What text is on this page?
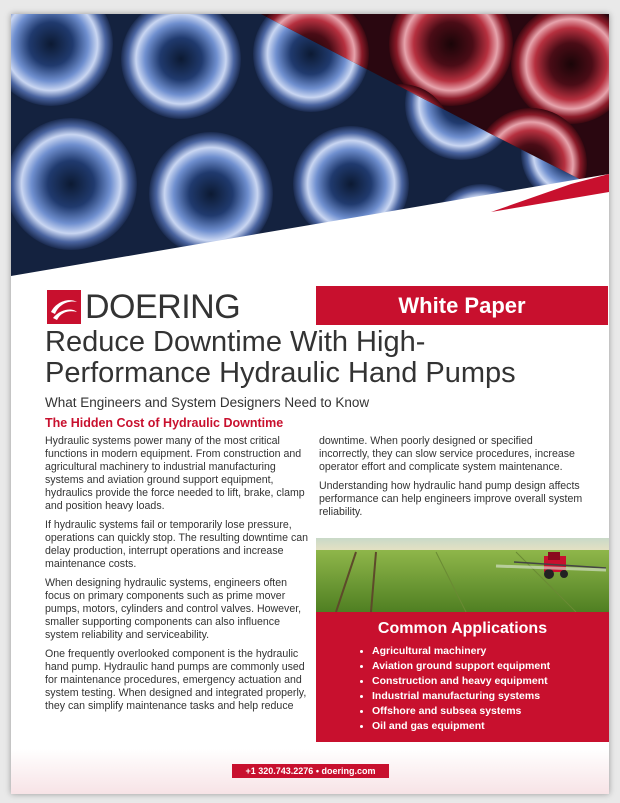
DOERING	White Paper
Reduce Downtime With High-
Performance Hydraulic Hand Pumps

What Engineers and System Designers Need to Know

The Hidden Cost of Hydraulic Downtime

Hydraulic systems power many of the most critical functions in modern equipment. From construction and agricultural machinery to industrial manufacturing systems and aviation ground support equipment, hydraulics provide the force needed to lift, brake, clamp and position heavy loads.

If hydraulic systems fail or temporarily lose pressure, operations can quickly stop. The resulting downtime can delay production, interrupt operations and increase maintenance costs.

When designing hydraulic systems, engineers often focus on primary components such as prime mover pumps, motors, cylinders and control valves. However, smaller supporting components can also influence system reliability and serviceability.

One frequently overlooked component is the hydraulic hand pump. Hydraulic hand pumps are commonly used for maintenance procedures, emergency actuation and system testing. When designed and integrated properly, they can simplify maintenance tasks and help reduce

downtime. When poorly designed or specified incorrectly, they can slow service procedures, increase operator effort and complicate system maintenance.

Understanding how hydraulic hand pump design affects performance can help engineers improve overall system reliability.

Common Applications
Agricultural machinery
Aviation ground support equipment
Construction and heavy equipment
Industrial manufacturing systems
Offshore and subsea systems
Oil and gas equipment
+1 320.743.2276 • doering.com
